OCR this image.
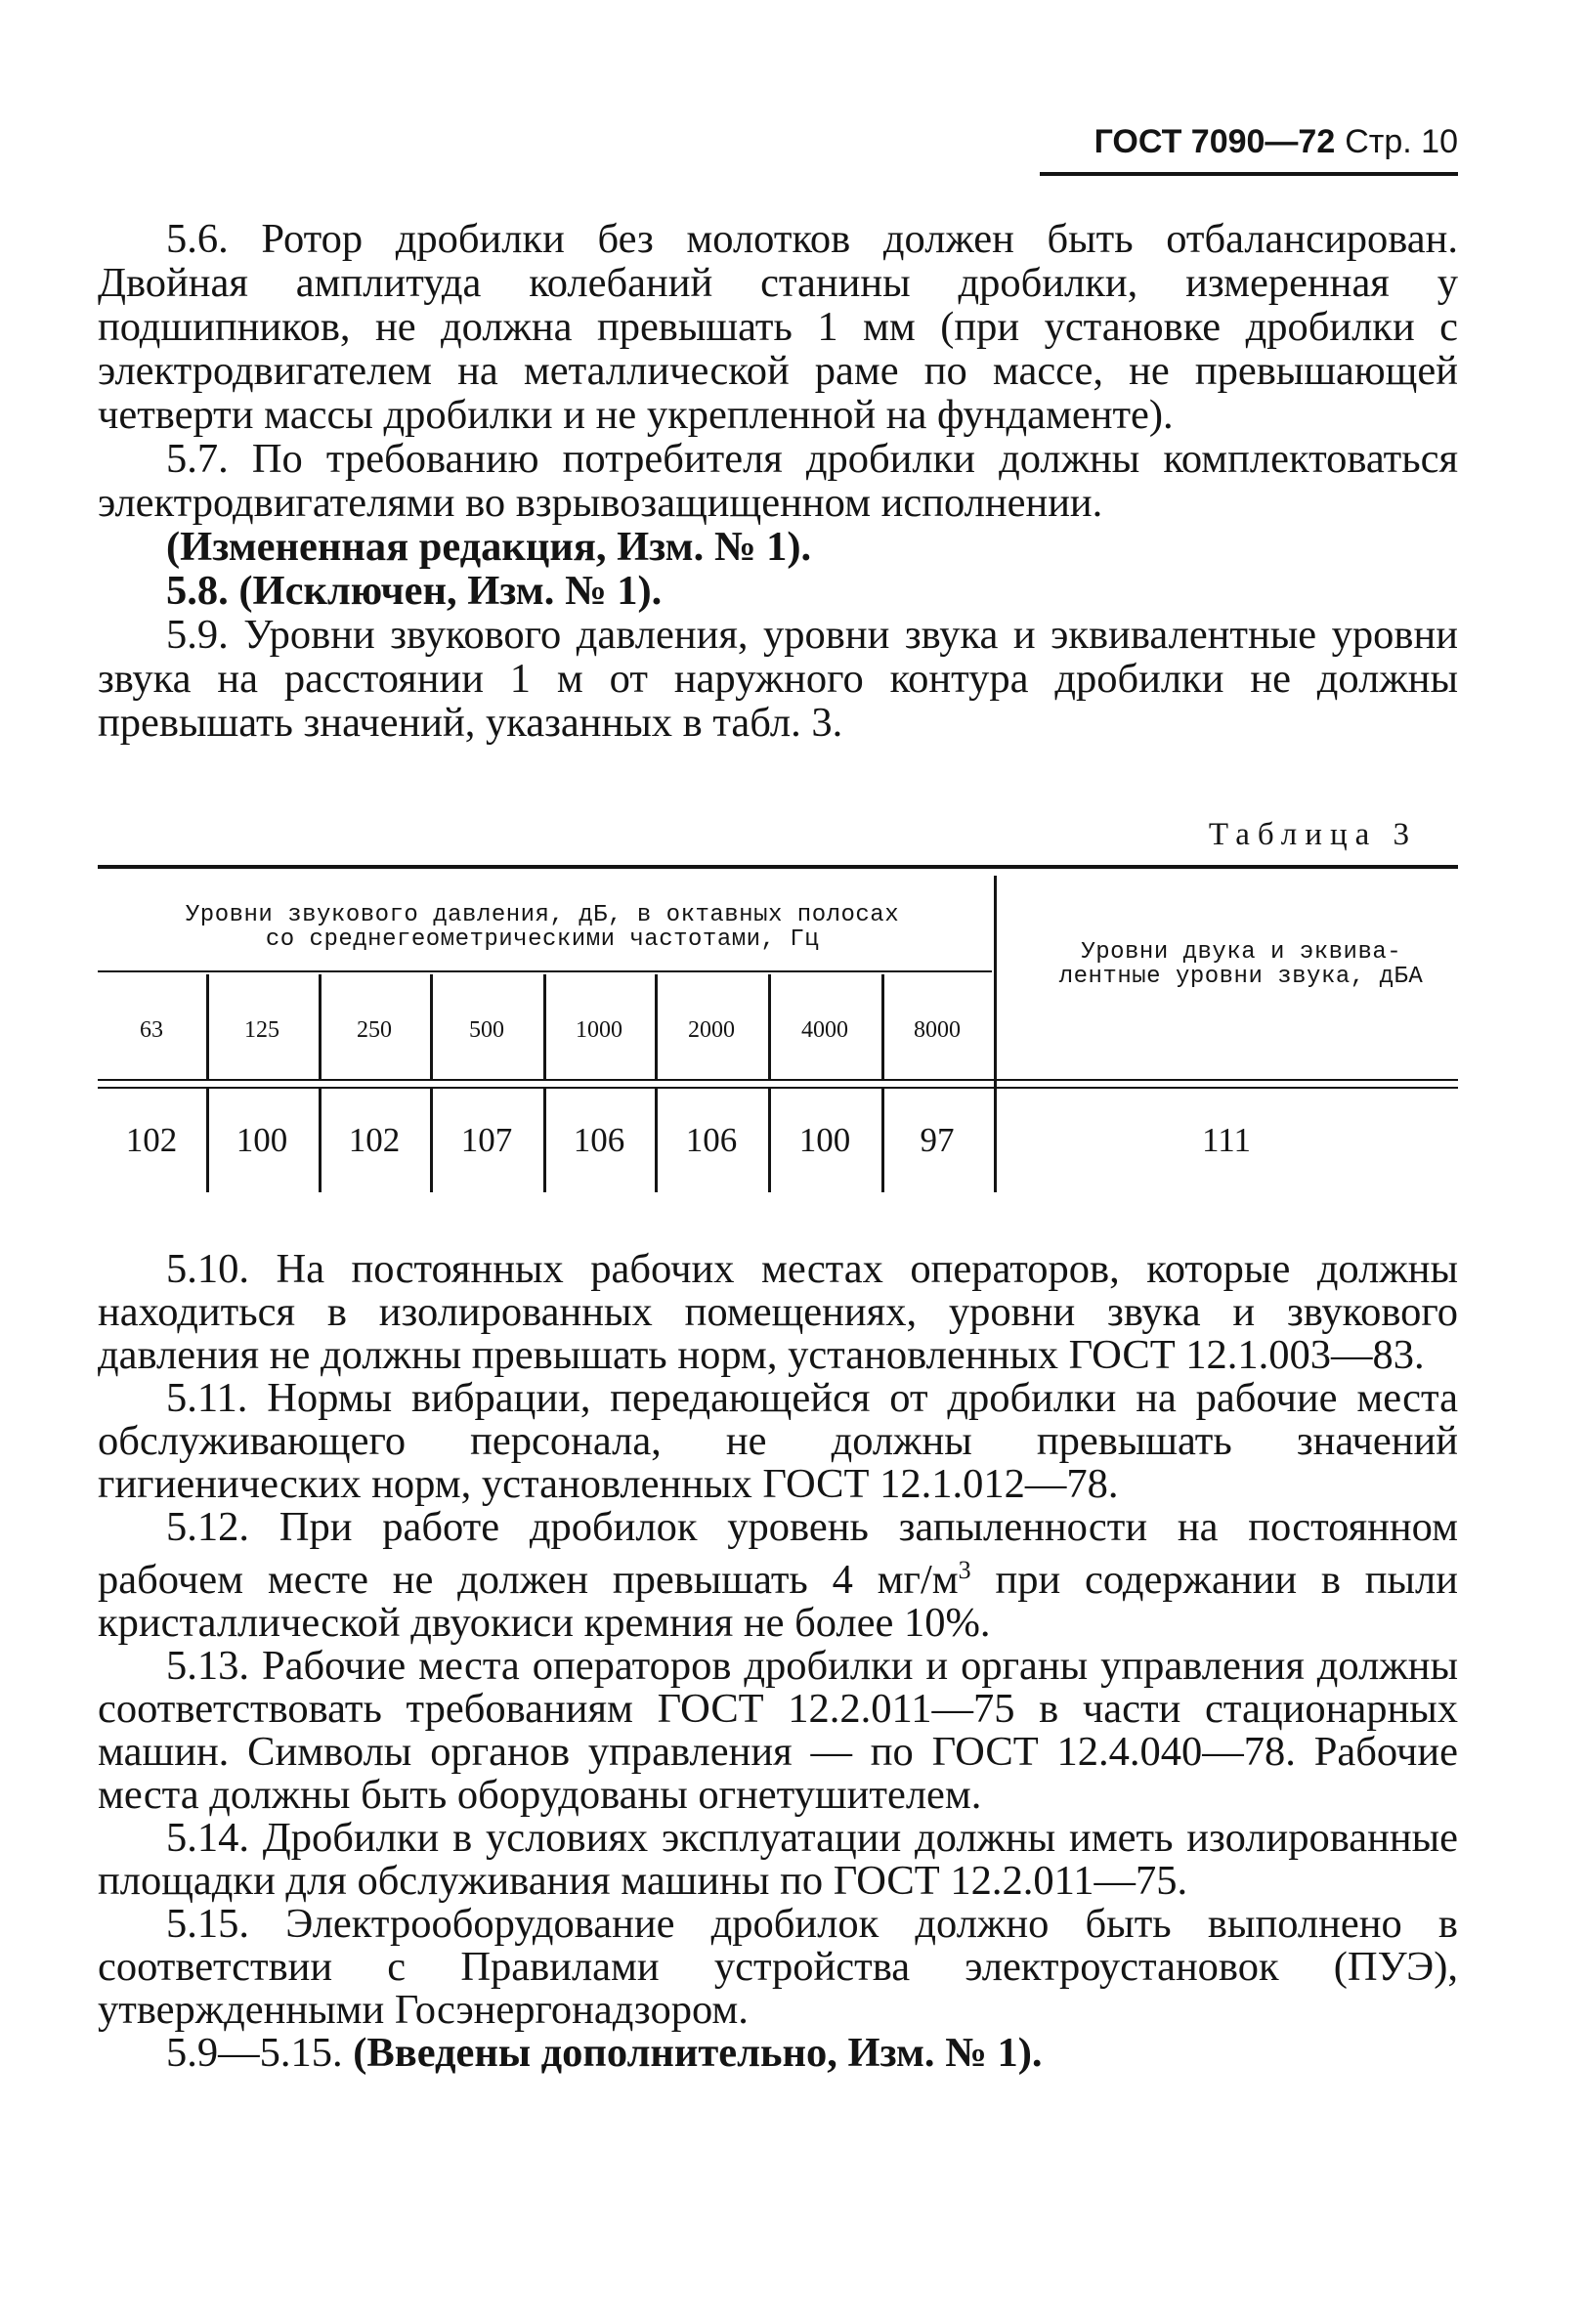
ГОСТ 7090—72 Стр. 10

5.6. Ротор дробилки без молотков должен быть отбалансирован. Двойная амплитуда колебаний станины дробилки, измеренная у подшипников, не должна превышать 1 мм (при установке дробилки с электродвигателем на металлической раме по массе, не превышающей четверти массы дробилки и не укрепленной на фундаменте).

5.7. По требованию потребителя дробилки должны комплектоваться электродвигателями во взрывозащищенном исполнении.

(Измененная редакция, Изм. № 1).

5.8. (Исключен, Изм. № 1).

5.9. Уровни звукового давления, уровни звука и эквивалентные уровни звука на расстоянии 1 м от наружного контура дробилки не должны превышать значений, указанных в табл. 3.

Таблица 3
Уровни звукового давления, дБ, в октавных полосах со среднегеометрическими частотами, Гц	Уровни двука и эквивалентные уровни звука, дБА
63	125	250	500	1000	2000	4000	8000
102	100	102	107	106	106	100	97	111

5.10. На постоянных рабочих местах операторов, которые должны находиться в изолированных помещениях, уровни звука и звукового давления не должны превышать норм, установленных ГОСТ 12.1.003—83.

5.11. Нормы вибрации, передающейся от дробилки на рабочие места обслуживающего персонала, не должны превышать значений гигиенических норм, установленных ГОСТ 12.1.012—78.

5.12. При работе дробилок уровень запыленности на постоянном рабочем месте не должен превышать 4 $мг/м^3$ при содержании в пыли кристаллической двуокиси кремния не более 10%.

5.13. Рабочие места операторов дробилки и органы управления должны соответствовать требованиям ГОСТ 12.2.011—75 в части стационарных машин. Символы органов управления — по ГОСТ 12.4.040—78. Рабочие места должны быть оборудованы огнетушителем.

5.14. Дробилки в условиях эксплуатации должны иметь изолированные площадки для обслуживания машины по ГОСТ 12.2.011—75.

5.15. Электрооборудование дробилок должно быть выполнено в соответствии с Правилами устройства электроустановок (ПУЭ), утвержденными Госэнергонадзором.

5.9—5.15. (Введены дополнительно, Изм. № 1).
